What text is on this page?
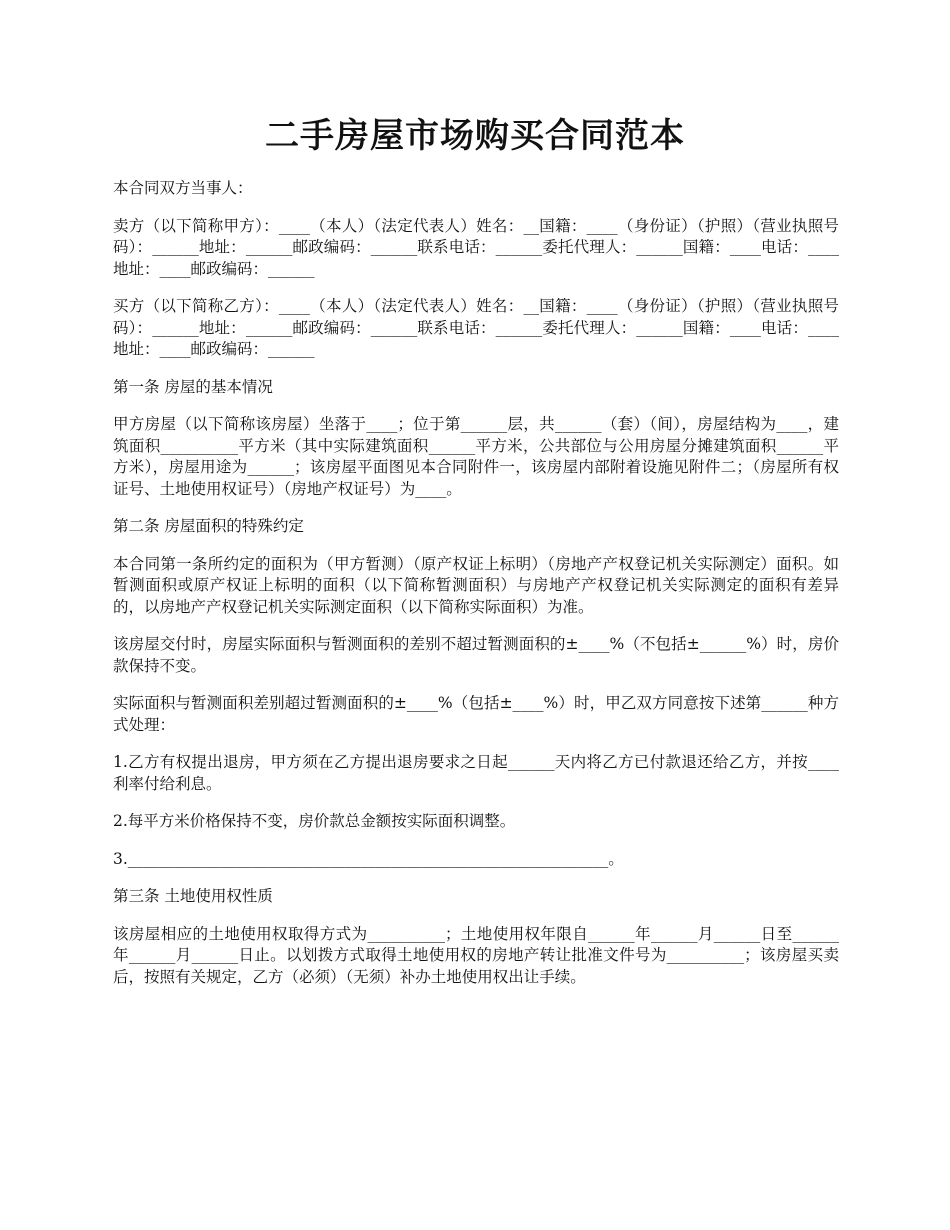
二手房屋市场购买合同范本

本合同双方当事人：

卖方（以下简称甲方）：____（本人）（法定代表人）姓名：__国籍：____（身份证）（护照）（营业执照号码）：______地址：______邮政编码：______联系电话：______委托代理人：______国籍：____电话：____地址：____邮政编码：______

买方（以下简称乙方）：____（本人）（法定代表人）姓名：__国籍：____（身份证）（护照）（营业执照号码）：______地址：______邮政编码：______联系电话：______委托代理人：______国籍：____电话：____地址：____邮政编码：______

第一条 房屋的基本情况

甲方房屋（以下简称该房屋）坐落于____；位于第______层，共______（套）（间），房屋结构为____，建筑面积__________平方米（其中实际建筑面积______平方米，公共部位与公用房屋分摊建筑面积______平方米），房屋用途为______；该房屋平面图见本合同附件一，该房屋内部附着设施见附件二；（房屋所有权证号、土地使用权证号）（房地产权证号）为____。

第二条 房屋面积的特殊约定

本合同第一条所约定的面积为（甲方暂测）（原产权证上标明）（房地产产权登记机关实际测定）面积。如暂测面积或原产权证上标明的面积（以下简称暂测面积）与房地产产权登记机关实际测定的面积有差异的，以房地产产权登记机关实际测定面积（以下简称实际面积）为准。

该房屋交付时，房屋实际面积与暂测面积的差别不超过暂测面积的±____%（不包括±______%）时，房价款保持不变。

实际面积与暂测面积差别超过暂测面积的±____%（包括±____%）时，甲乙双方同意按下述第______种方式处理：

1.乙方有权提出退房，甲方须在乙方提出退房要求之日起______天内将乙方已付款退还给乙方，并按____利率付给利息。

2.每平方米价格保持不变，房价款总金额按实际面积调整。

3.______________________________________________________________。

第三条 土地使用权性质

该房屋相应的土地使用权取得方式为__________；土地使用权年限自______年______月______日至______年______月______日止。以划拨方式取得土地使用权的房地产转让批准文件号为__________；该房屋买卖后，按照有关规定，乙方（必须）（无须）补办土地使用权出让手续。
